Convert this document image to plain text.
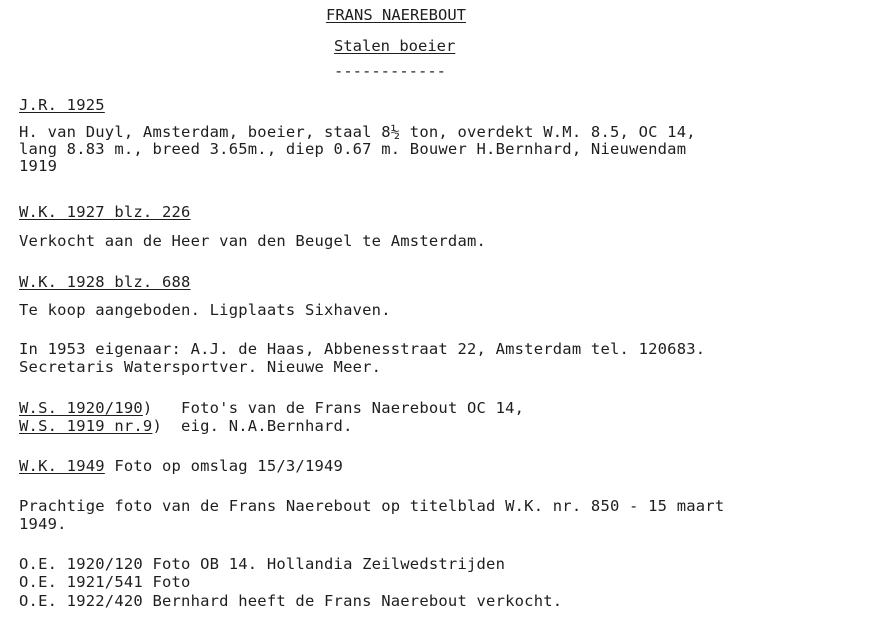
FRANS NAEREBOUT
Stalen boeier
------------
J.R. 1925
H. van Duyl, Amsterdam, boeier, staal 8½ ton, overdekt W.M. 8.5, OC 14,
lang 8.83 m., breed 3.65m., diep 0.67 m. Bouwer H.Bernhard, Nieuwendam
1919
W.K. 1927 blz. 226
Verkocht aan de Heer van den Beugel te Amsterdam.
W.K. 1928 blz. 688
Te koop aangeboden. Ligplaats Sixhaven.
In 1953 eigenaar: A.J. de Haas, Abbenesstraat 22, Amsterdam tel. 120683.
Secretaris Watersportver. Nieuwe Meer.
W.S. 1920/190)   Foto's van de Frans Naerebout OC 14,
W.S. 1919 nr.9)  eig. N.A.Bernhard.
W.K. 1949 Foto op omslag 15/3/1949
Prachtige foto van de Frans Naerebout op titelblad W.K. nr. 850 - 15 maart
1949.
O.E. 1920/120 Foto OB 14. Hollandia Zeilwedstrijden
O.E. 1921/541 Foto
O.E. 1922/420 Bernhard heeft de Frans Naerebout verkocht.
